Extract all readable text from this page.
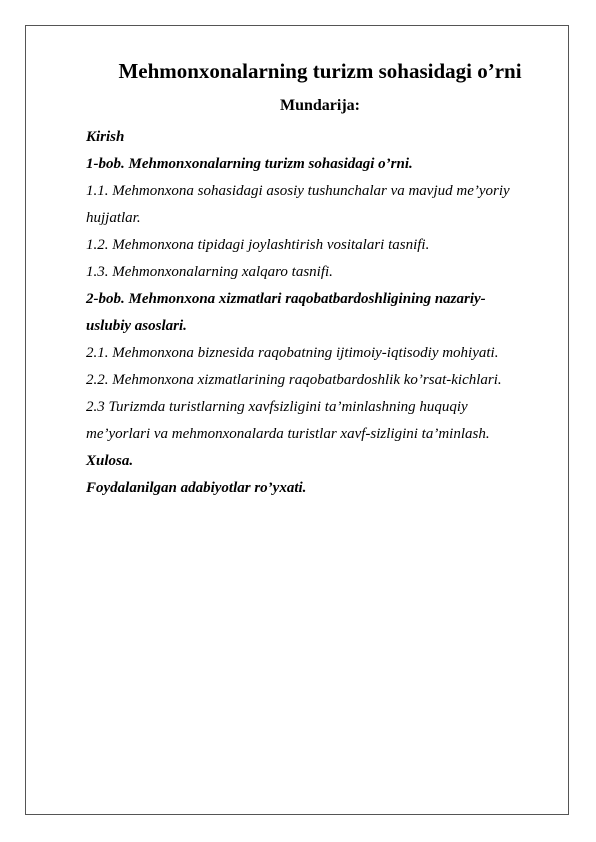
Mehmonxonalarning turizm sohasidagi o’rni
Mundarija:
Kirish
1-bob. Mehmonxonalarning turizm sohasidagi o’rni.
1.1. Mehmonxona sohasidagi asosiy tushunchalar va mavjud me’yoriy
hujjatlar.
1.2. Mehmonxona tipidagi joylashtirish vositalari tasnifi.
1.3. Mehmonxonalarning xalqaro tasnifi.
2-bob. Mehmonxona xizmatlari raqobatbardoshligining nazariy-
uslubiy asoslari.
2.1. Mehmonxona biznesida raqobatning ijtimoiy-iqtisodiy mohiyati.
2.2. Mehmonxona xizmatlarining raqobatbardoshlik ko’rsat-kichlari.
2.3 Turizmda turistlarning xavfsizligini ta’minlashning huquqiy
me’yorlari va mehmonxonalarda turistlar xavf-sizligini ta’minlash.
Xulosa.
Foydalanilgan adabiyotlar ro’yxati.
